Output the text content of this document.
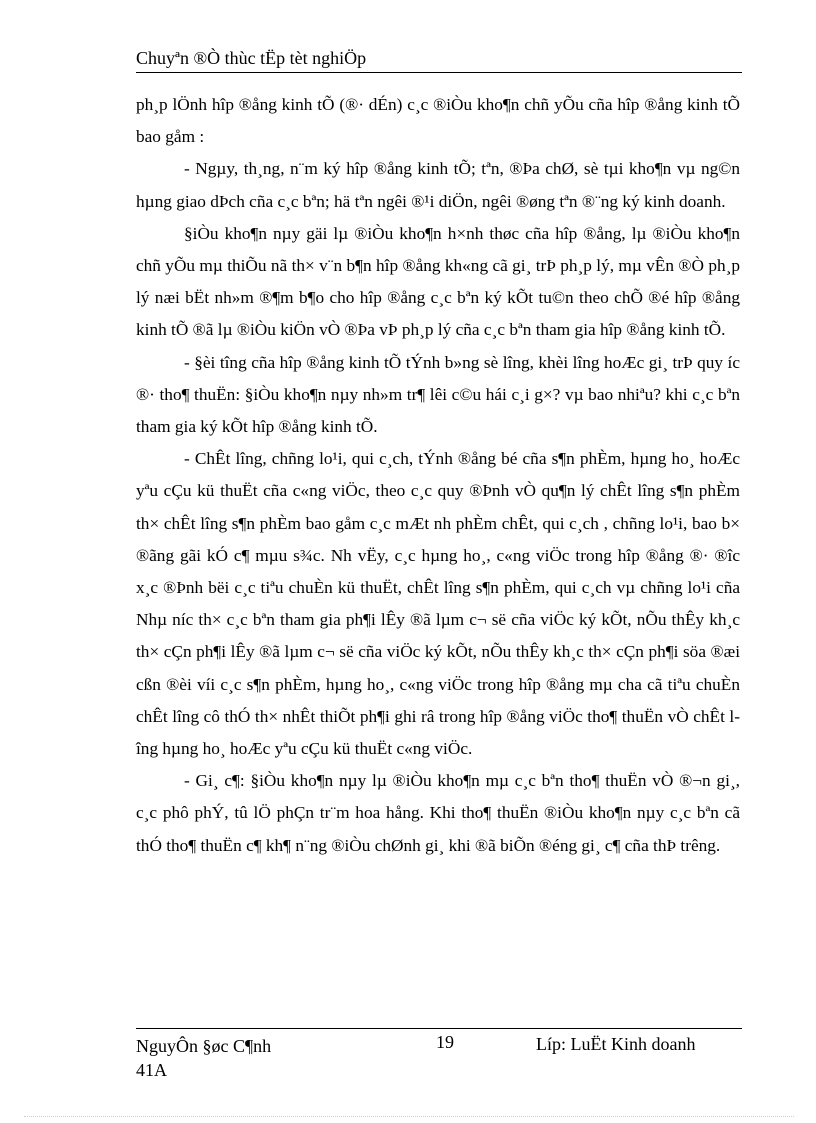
Chuyªn ®Ò thùc tËp tèt nghiÖp

ph¸p lÖnh hîp ®ång kinh tÕ (®· dÉn) c¸c ®iÒu kho¶n chñ yÕu cña hîp ®ång kinh tÕ bao gåm :

- Ngµy, th¸ng, n¨m ký hîp ®ång kinh tÕ; tªn, ®Þa chØ, sè tµi kho¶n vµ ng©n hµng giao dÞch cña c¸c bªn; hä tªn ngêi ®¹i diÖn, ngêi ®øng tªn ®¨ng ký kinh doanh.

§iÒu kho¶n nµy gäi lµ ®iÒu kho¶n h×nh thøc cña hîp ®ång, lµ ®iÒu kho¶n chñ yÕu mµ thiÕu nã th× v¨n b¶n hîp ®ång kh«ng cã gi¸ trÞ ph¸p lý, mµ vÊn ®Ò ph¸p lý næi bËt nh»m ®¶m b¶o cho hîp ®ång c¸c bªn ký kÕt tu©n theo chÕ ®é hîp ®ång kinh tÕ ®ã lµ ®iÒu kiÖn vÒ ®Þa vÞ ph¸p lý cña c¸c bªn tham gia hîp ®ång kinh tÕ.

- §èi tîng cña hîp ®ång kinh tÕ tÝnh b»ng sè lîng, khèi lîng hoÆc gi¸ trÞ quy íc ®· tho¶ thuËn: §iÒu kho¶n nµy nh»m tr¶ lêi c©u hái c¸i g×? vµ bao nhiªu? khi c¸c bªn tham gia ký kÕt hîp ®ång kinh tÕ.

- ChÊt lîng, chñng lo¹i, qui c¸ch, tÝnh ®ång bé cña s¶n phÈm, hµng ho¸ hoÆc yªu cÇu kü thuËt cña c«ng viÖc, theo c¸c quy ®Þnh vÒ qu¶n lý chÊt lîng s¶n phÈm th× chÊt lîng s¶n phÈm bao gåm c¸c mÆt nh phÈm chÊt, qui c¸ch , chñng lo¹i, bao b× ®ãng gãi kÓ c¶ mµu s¾c. Nh vËy, c¸c hµng ho¸, c«ng viÖc trong hîp ®ång ®· ®îc x¸c ®Þnh bëi c¸c tiªu chuÈn kü thuËt, chÊt lîng s¶n phÈm, qui c¸ch vµ chñng lo¹i cña Nhµ níc th× c¸c bªn tham gia ph¶i lÊy ®ã lµm c¬ së cña viÖc ký kÕt, nÕu thÊy kh¸c th× cÇn ph¶i lÊy ®ã lµm c¬ së cña viÖc ký kÕt, nÕu thÊy kh¸c th× cÇn ph¶i söa ®æi cßn ®èi víi c¸c s¶n phÈm, hµng ho¸, c«ng viÖc trong hîp ®ång mµ cha cã tiªu chuÈn chÊt lîng cô thÓ th× nhÊt thiÕt ph¶i ghi râ trong hîp ®ång viÖc tho¶ thuËn vÒ chÊt lîng hµng ho¸ hoÆc yªu cÇu kü thuËt c«ng viÖc.

- Gi¸ c¶: §iÒu kho¶n nµy lµ ®iÒu kho¶n mµ c¸c bªn tho¶ thuËn vÒ ®¬n gi¸, c¸c phô phÝ, tû lÖ phÇn tr¨m hoa hång. Khi tho¶ thuËn ®iÒu kho¶n nµy c¸c bªn cã thÓ tho¶ thuËn c¶ kh¶ n¨ng ®iÒu chØnh gi¸ khi ®ã biÕn ®éng gi¸ c¶ cña thÞ trêng.

NguyÔn §øc C¶nh
41A
19	Líp: LuËt Kinh doanh
